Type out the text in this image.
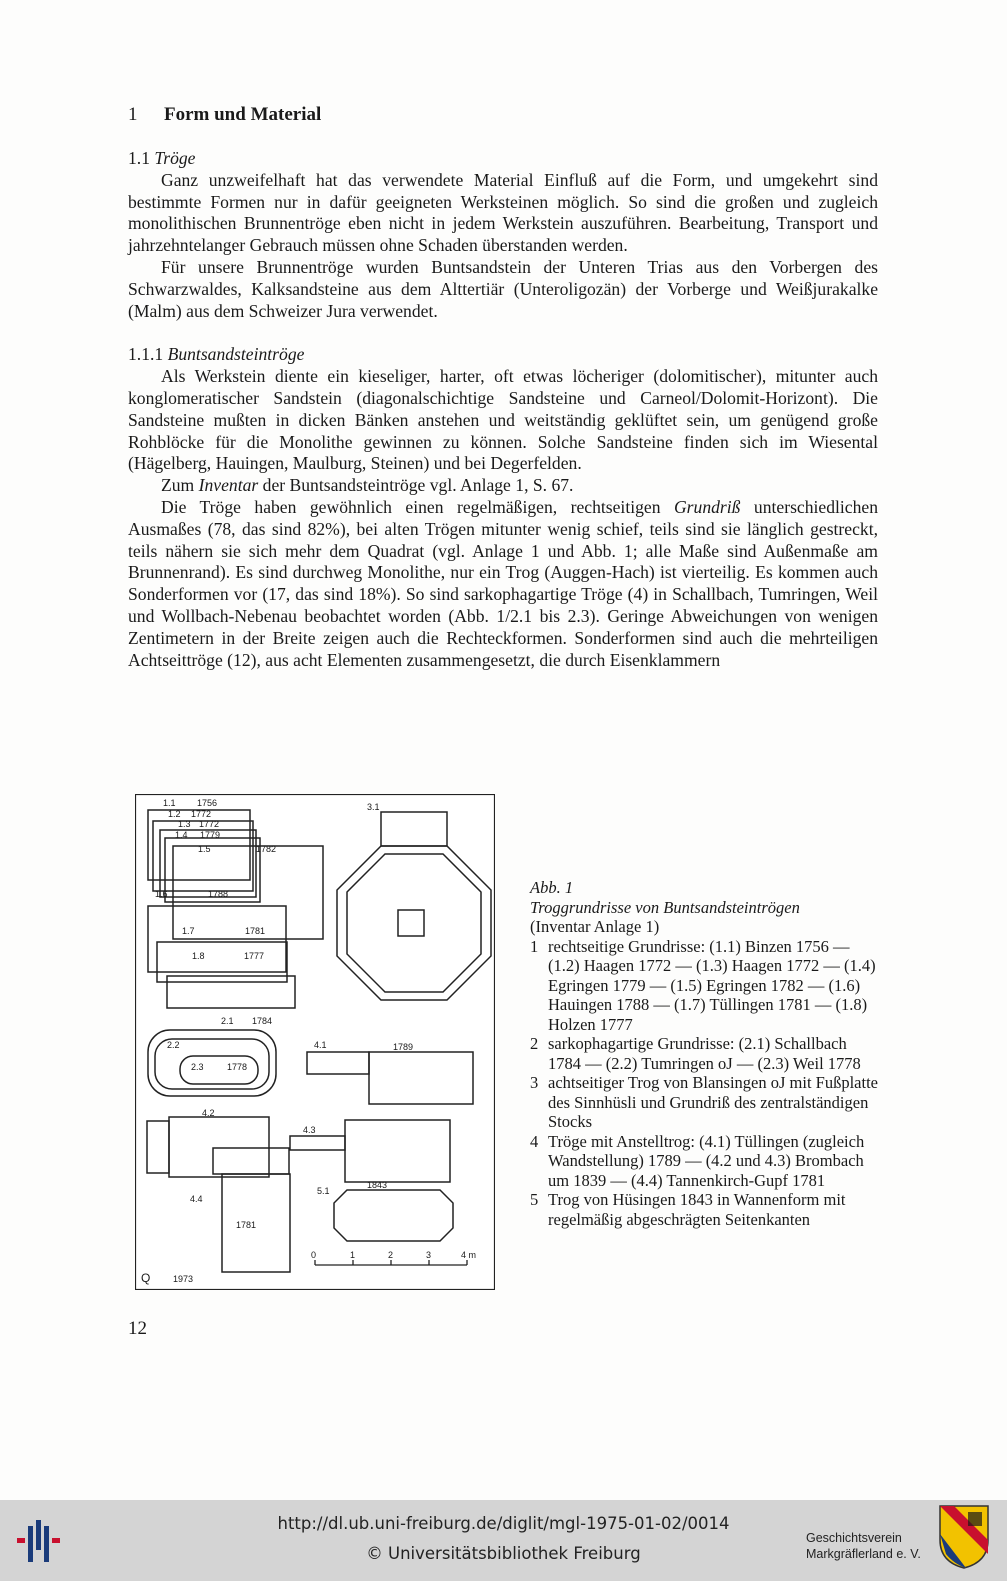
1 Form und Material

1.1 Tröge

Ganz unzweifelhaft hat das verwendete Material Einfluß auf die Form, und umgekehrt sind bestimmte Formen nur in dafür geeigneten Werksteinen möglich. So sind die großen und zugleich monolithischen Brunnentröge eben nicht in jedem Werkstein auszuführen. Bearbeitung, Transport und jahrzehntelanger Gebrauch müssen ohne Schaden überstanden werden.

Für unsere Brunnentröge wurden Buntsandstein der Unteren Trias aus den Vorbergen des Schwarzwaldes, Kalksandsteine aus dem Alttertiär (Unteroligozän) der Vorberge und Weißjurakalke (Malm) aus dem Schweizer Jura verwendet.

1.1.1 Buntsandsteintröge

Als Werkstein diente ein kieseliger, harter, oft etwas löcheriger (dolomitischer), mitunter auch konglomeratischer Sandstein (diagonalschichtige Sandsteine und Carneol/Dolomit-Horizont). Die Sandsteine mußten in dicken Bänken anstehen und weitständig geklüftet sein, um genügend große Rohblöcke für die Monolithe gewinnen zu können. Solche Sandsteine finden sich im Wiesental (Hägelberg, Hauingen, Maulburg, Steinen) und bei Degerfelden.

Zum Inventar der Buntsandsteintröge vgl. Anlage 1, S. 67.

Die Tröge haben gewöhnlich einen regelmäßigen, rechtseitigen Grundriß unterschiedlichen Ausmaßes (78, das sind 82%), bei alten Trögen mitunter wenig schief, teils sind sie länglich gestreckt, teils nähern sie sich mehr dem Quadrat (vgl. Anlage 1 und Abb. 1; alle Maße sind Außenmaße am Brunnenrand). Es sind durchweg Monolithe, nur ein Trog (Auggen-Hach) ist vierteilig. Es kommen auch Sonderformen vor (17, das sind 18%). So sind sarkophagartige Tröge (4) in Schallbach, Tumringen, Weil und Wollbach-Nebenau beobachtet worden (Abb. 1/2.1 bis 2.3). Geringe Abweichungen von wenigen Zentimetern in der Breite zeigen auch die Rechteckformen. Sonderformen sind auch die mehrteiligen Achtseittröge (12), aus acht Elementen zusammengesetzt, die durch Eisenklammern

1.1 1756
1.2 1772
1.3 1772
1.4 1779
1.5	1782
1.6	1788
1.7	1781
1.8	1777
3.1
2.1 1784
2.2
2.3	1778
4.1	1789
4.2
4.3
4.4
1781
5.1
1843
0	1	2	3	4 m
Q	1973
Abb. 1
Troggrundrisse von Buntsandsteintrögen
(Inventar Anlage 1)
1 rechtseitige Grundrisse: (1.1) Binzen 1756 — (1.2) Haagen 1772 — (1.3) Haagen 1772 — (1.4) Egringen 1779 — (1.5) Egringen 1782 — (1.6) Hauingen 1788 — (1.7) Tüllingen 1781 — (1.8) Holzen 1777
2 sarkophagartige Grundrisse: (2.1) Schallbach 1784 — (2.2) Tumringen oJ — (2.3) Weil 1778
3 achtseitiger Trog von Blansingen oJ mit Fußplatte des Sinnhüsli und Grundriß des zentralständigen Stocks
4 Tröge mit Anstelltrog: (4.1) Tüllingen (zugleich Wandstellung) 1789 — (4.2 und 4.3) Brombach um 1839 — (4.4) Tannenkirch-Gupf 1781
5 Trog von Hüsingen 1843 in Wannenform mit regelmäßig abgeschrägten Seitenkanten
12
http://dl.ub.uni-freiburg.de/diglit/mgl-1975-01-02/0014
© Universitätsbibliothek Freiburg
Geschichtsverein
Markgräflerland e. V.
